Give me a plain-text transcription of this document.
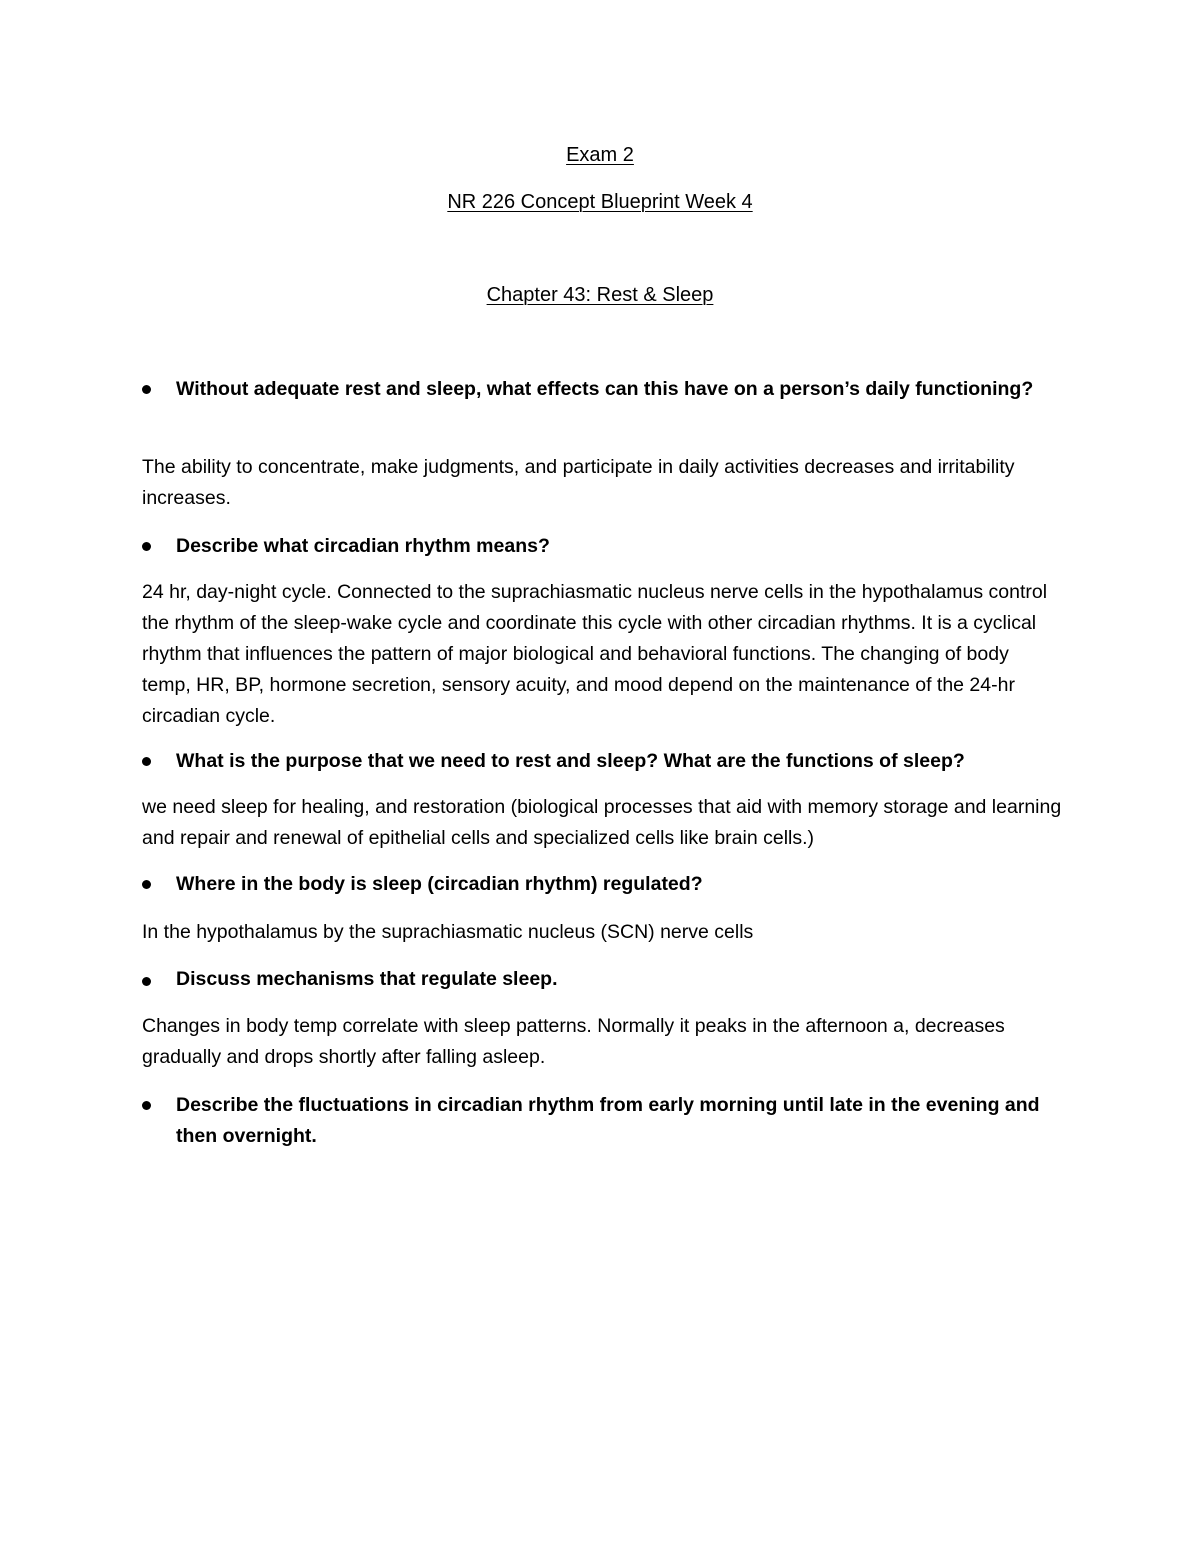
Exam 2
NR 226 Concept Blueprint Week 4
Chapter 43: Rest & Sleep

Without adequate rest and sleep, what effects can this have on a person’s daily functioning?

The ability to concentrate, make judgments, and participate in daily activities decreases and irritability increases.

Describe what circadian rhythm means?

24 hr, day-night cycle. Connected to the suprachiasmatic nucleus nerve cells in the hypothalamus control the rhythm of the sleep-wake cycle and coordinate this cycle with other circadian rhythms. It is a cyclical rhythm that influences the pattern of major biological and behavioral functions. The changing of body temp, HR, BP, hormone secretion, sensory acuity, and mood depend on the maintenance of the 24-hr circadian cycle.

What is the purpose that we need to rest and sleep? What are the functions of sleep?

we need sleep for healing, and restoration (biological processes that aid with memory storage and learning and repair and renewal of epithelial cells and specialized cells like brain cells.)

Where in the body is sleep (circadian rhythm) regulated?

In the hypothalamus by the suprachiasmatic nucleus (SCN) nerve cells

Discuss mechanisms that regulate sleep.

Changes in body temp correlate with sleep patterns. Normally it peaks in the afternoon a, decreases gradually and drops shortly after falling asleep.

Describe the fluctuations in circadian rhythm from early morning until late in the evening and then overnight.
